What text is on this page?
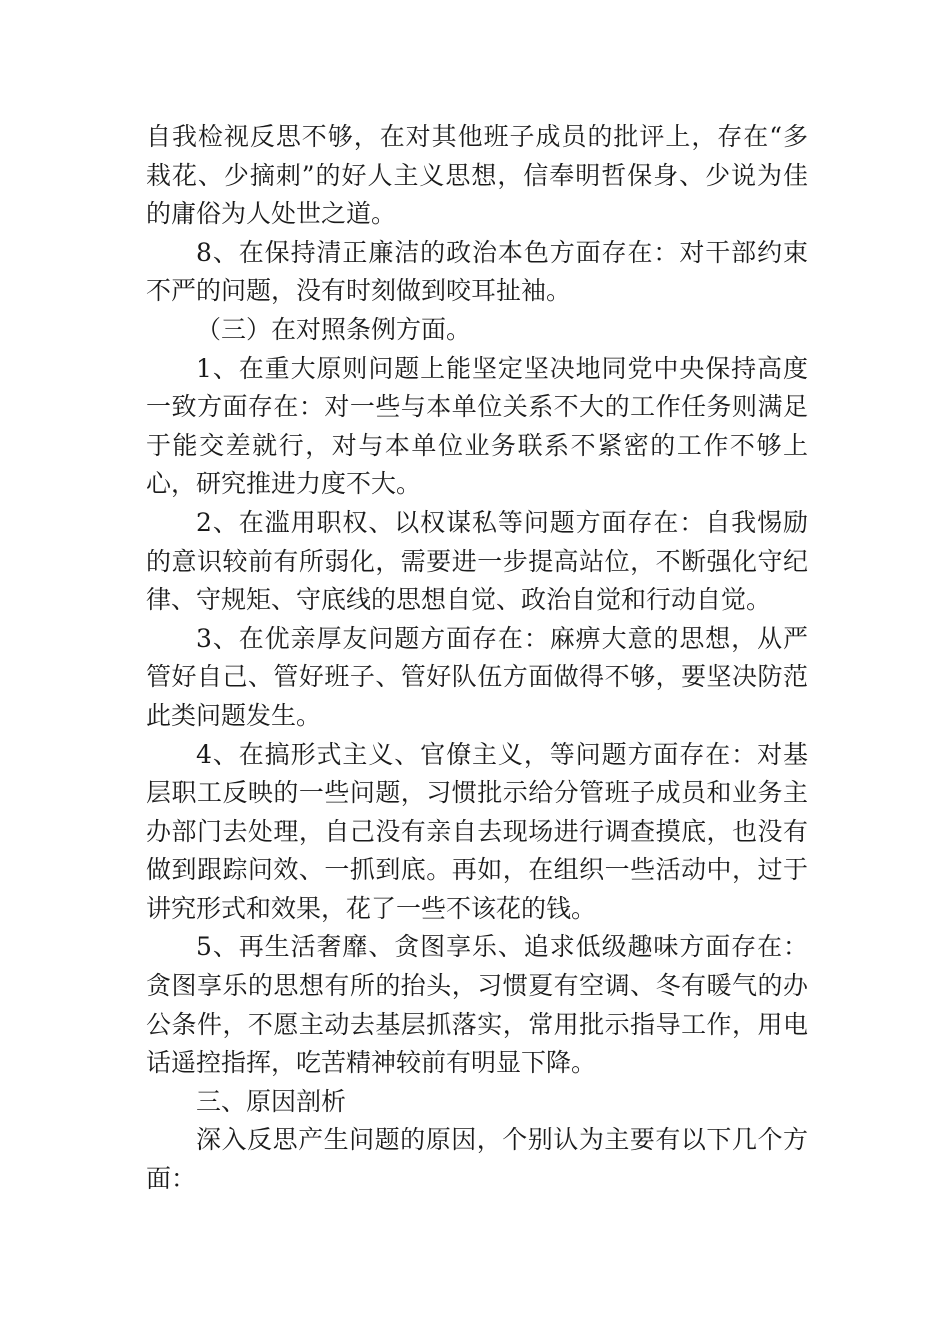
自我检视反思不够，在对其他班子成员的批评上，存在“多栽花、少摘刺”的好人主义思想，信奉明哲保身、少说为佳的庸俗为人处世之道。

8、在保持清正廉洁的政治本色方面存在：对干部约束不严的问题，没有时刻做到咬耳扯袖。

（三）在对照条例方面。

1、在重大原则问题上能坚定坚决地同党中央保持高度一致方面存在：对一些与本单位关系不大的工作任务则满足于能交差就行，对与本单位业务联系不紧密的工作不够上心，研究推进力度不大。

2、在滥用职权、以权谋私等问题方面存在：自我惕励的意识较前有所弱化，需要进一步提高站位，不断强化守纪律、守规矩、守底线的思想自觉、政治自觉和行动自觉。

3、在优亲厚友问题方面存在：麻痹大意的思想，从严管好自己、管好班子、管好队伍方面做得不够，要坚决防范此类问题发生。

4、在搞形式主义、官僚主义，等问题方面存在：对基层职工反映的一些问题，习惯批示给分管班子成员和业务主办部门去处理，自己没有亲自去现场进行调查摸底，也没有做到跟踪问效、一抓到底。再如，在组织一些活动中，过于讲究形式和效果，花了一些不该花的钱。

5、再生活奢靡、贪图享乐、追求低级趣味方面存在：贪图享乐的思想有所的抬头，习惯夏有空调、冬有暖气的办公条件，不愿主动去基层抓落实，常用批示指导工作，用电话遥控指挥，吃苦精神较前有明显下降。

三、原因剖析

深入反思产生问题的原因，个别认为主要有以下几个方面：
